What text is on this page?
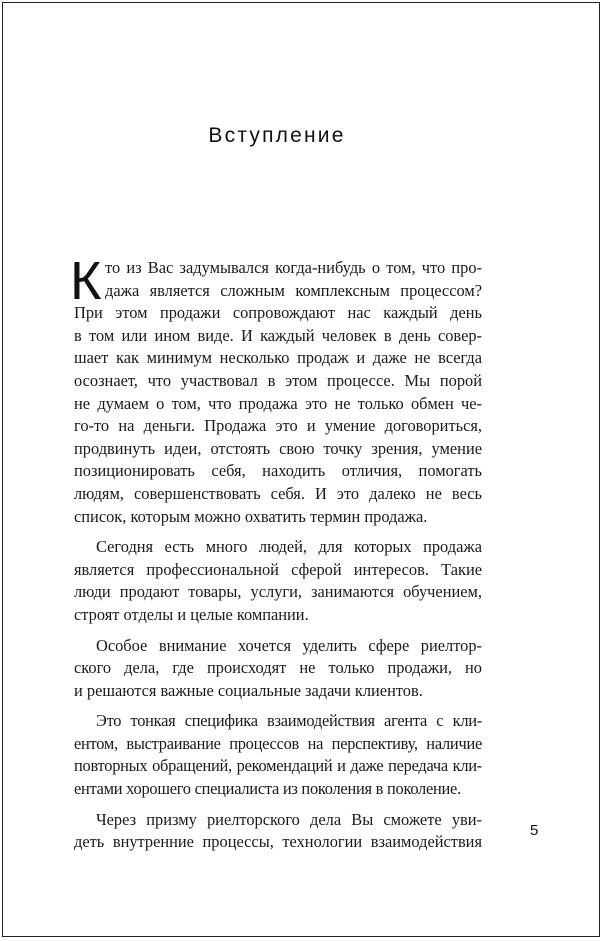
Вступление
К то из Вас задумывался когда-нибудь о том, что про-
дажа является сложным комплексным процессом?
При этом продажи сопровождают нас каждый день
в том или ином виде. И каждый человек в день совер-
шает как минимум несколько продаж и даже не всегда
осознает, что участвовал в этом процессе. Мы порой
не думаем о том, что продажа это не только обмен че-
го-то на деньги. Продажа это и умение договориться,
продвинуть идеи, отстоять свою точку зрения, умение
позиционировать себя, находить отличия, помогать
людям, совершенствовать себя. И это далеко не весь
список, которым можно охватить термин продажа.
Сегодня есть много людей, для которых продажа
является профессиональной сферой интересов. Такие
люди продают товары, услуги, занимаются обучением,
строят отделы и целые компании.
Особое внимание хочется уделить сфере риелтор-
ского дела, где происходят не только продажи, но
и решаются важные социальные задачи клиентов.
Это тонкая специфика взаимодействия агента с кли-
ентом, выстраивание процессов на перспективу, наличие
повторных обращений, рекомендаций и даже передача кли-
ентами хорошего специалиста из поколения в поколение.
Через призму риелторского дела Вы сможете уви-
деть внутренние процессы, технологии взаимодействия
5
